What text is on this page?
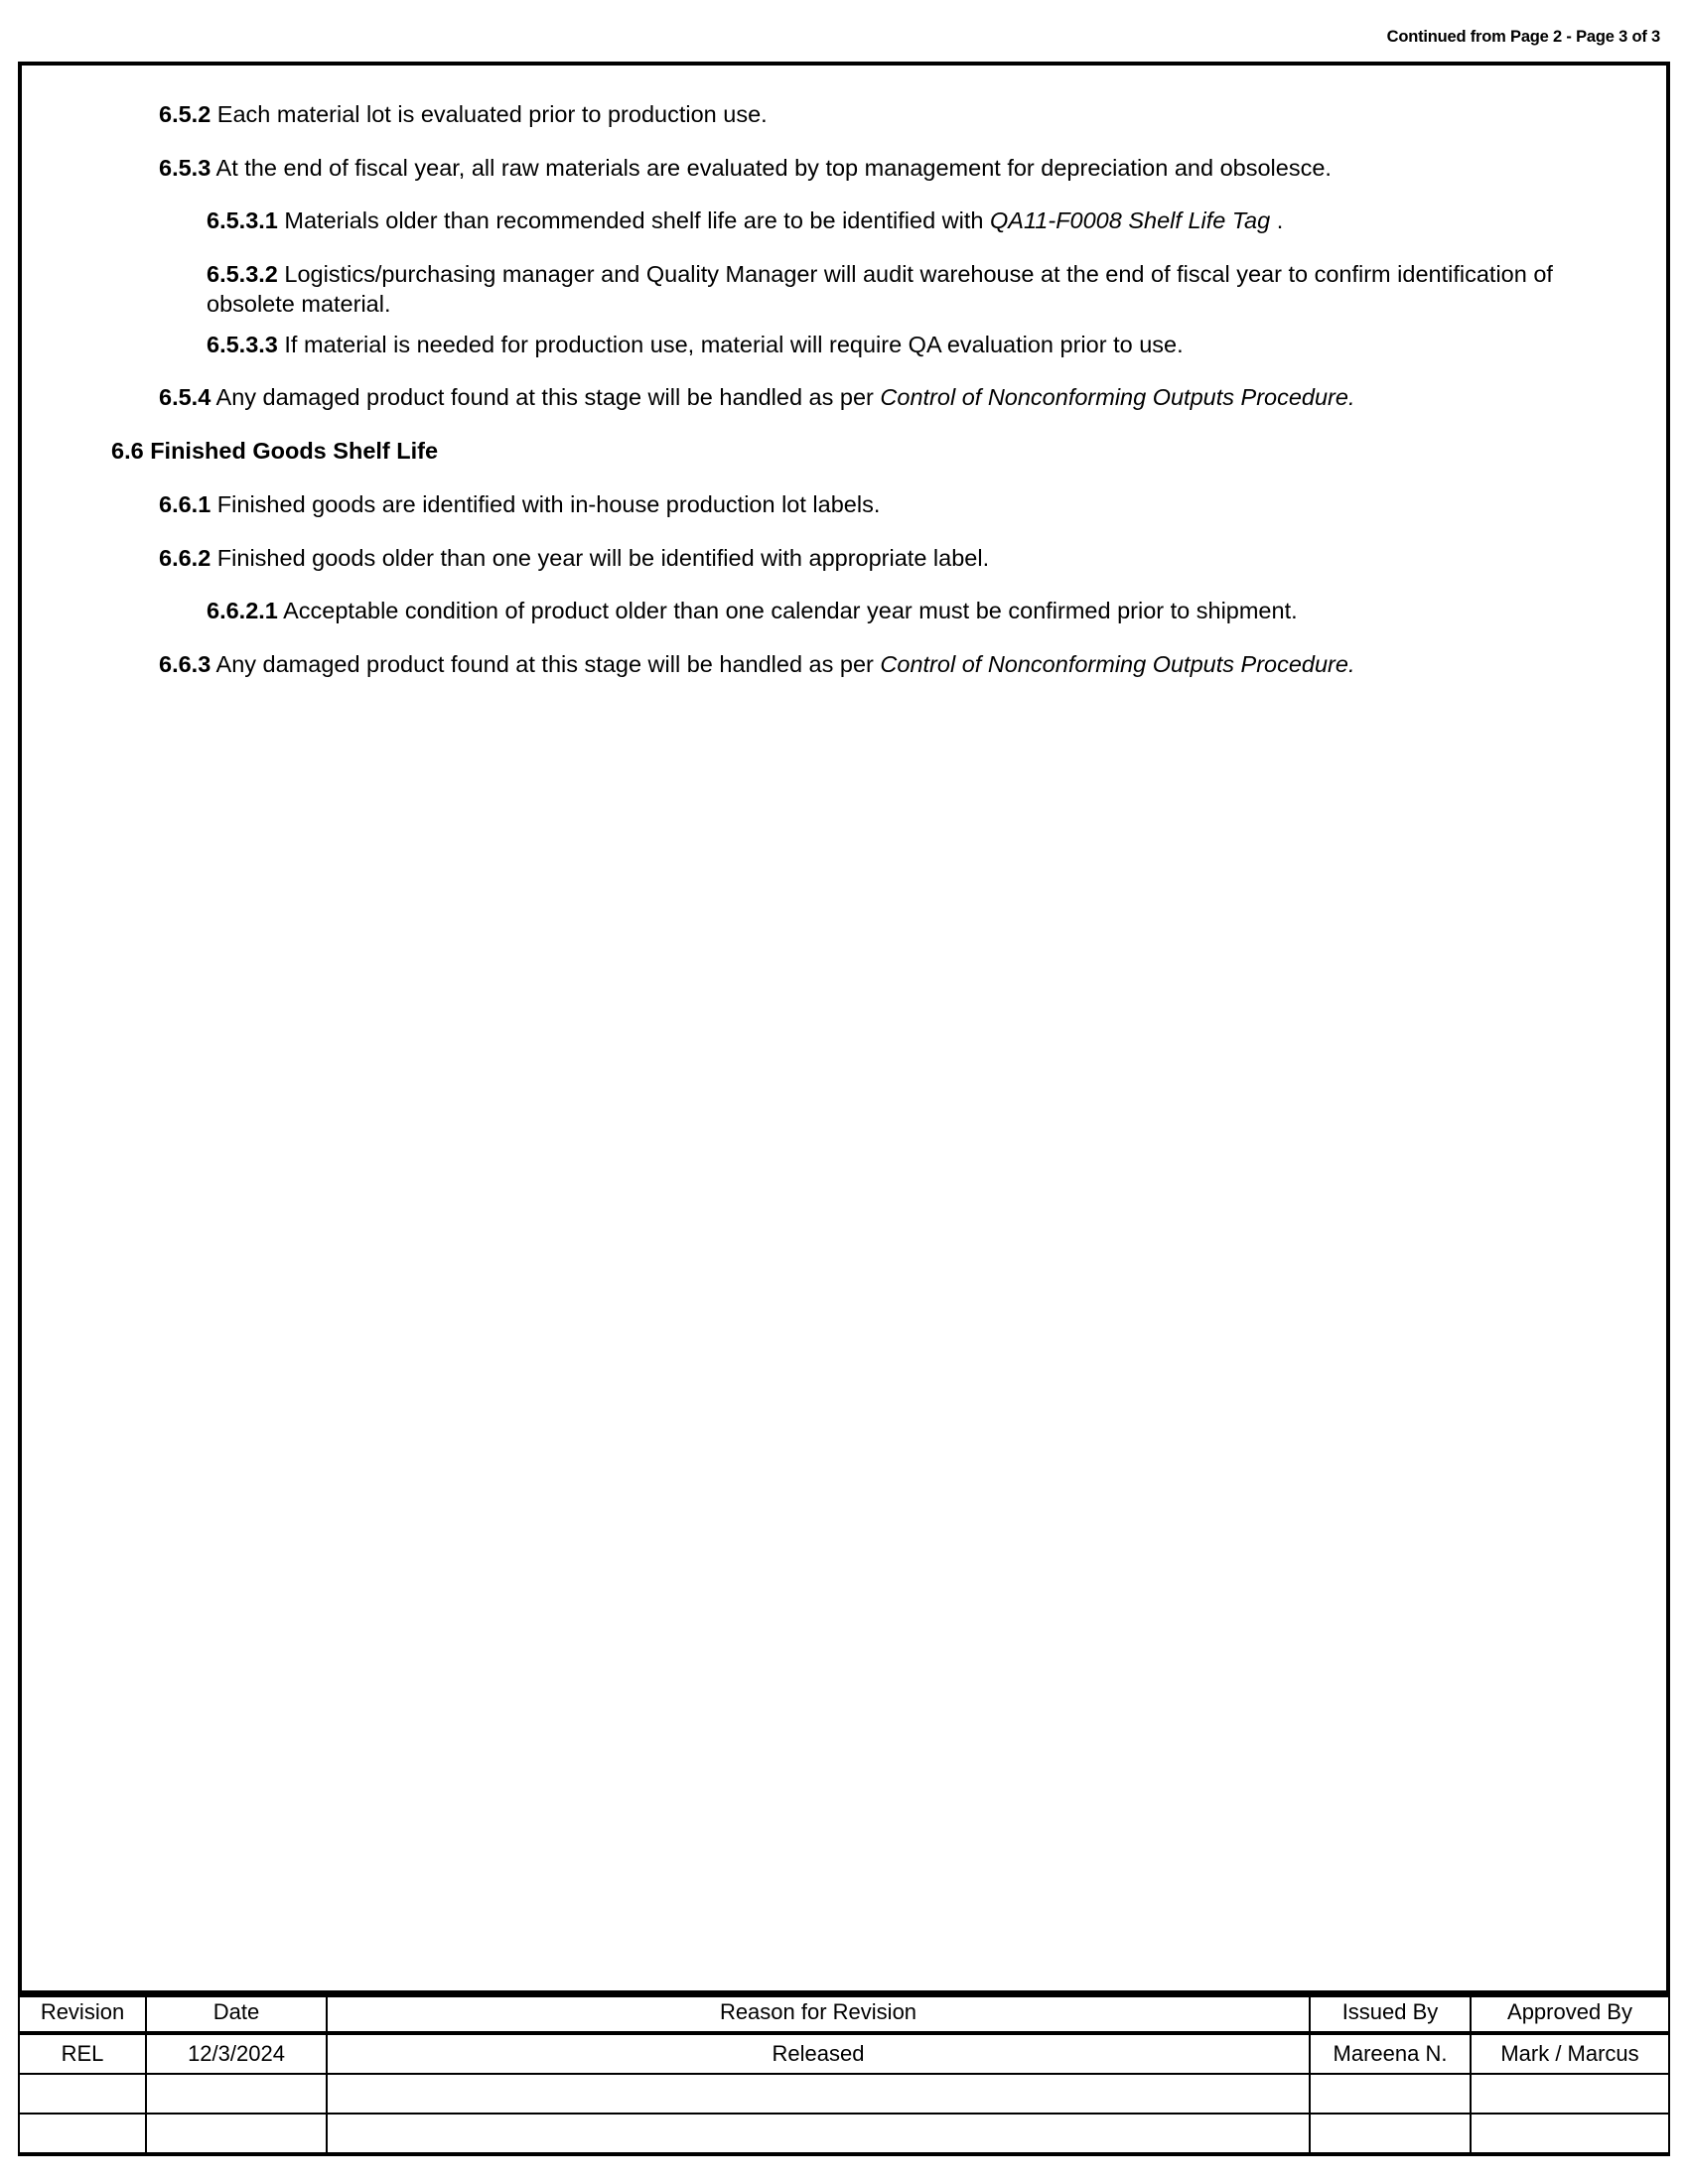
Continued from Page 2 - Page 3 of 3

6.5.2 Each material lot is evaluated prior to production use.

6.5.3 At the end of fiscal year, all raw materials are evaluated by top management for depreciation and obsolesce.

6.5.3.1 Materials older than recommended shelf life are to be identified with QA11-F0008 Shelf Life Tag .

6.5.3.2 Logistics/purchasing manager and Quality Manager will audit warehouse at the end of fiscal year to confirm identification of obsolete material.

6.5.3.3 If material is needed for production use, material will require QA evaluation prior to use.

6.5.4 Any damaged product found at this stage will be handled as per Control of Nonconforming Outputs Procedure.

6.6 Finished Goods Shelf Life

6.6.1 Finished goods are identified with in-house production lot labels.

6.6.2 Finished goods older than one year will be identified with appropriate label.

6.6.2.1 Acceptable condition of product older than one calendar year must be confirmed prior to shipment.

6.6.3 Any damaged product found at this stage will be handled as per Control of Nonconforming Outputs Procedure.

Revision	Date	Reason for Revision	Issued By	Approved By
REL	12/3/2024	Released	Mareena N.	Mark / Marcus
